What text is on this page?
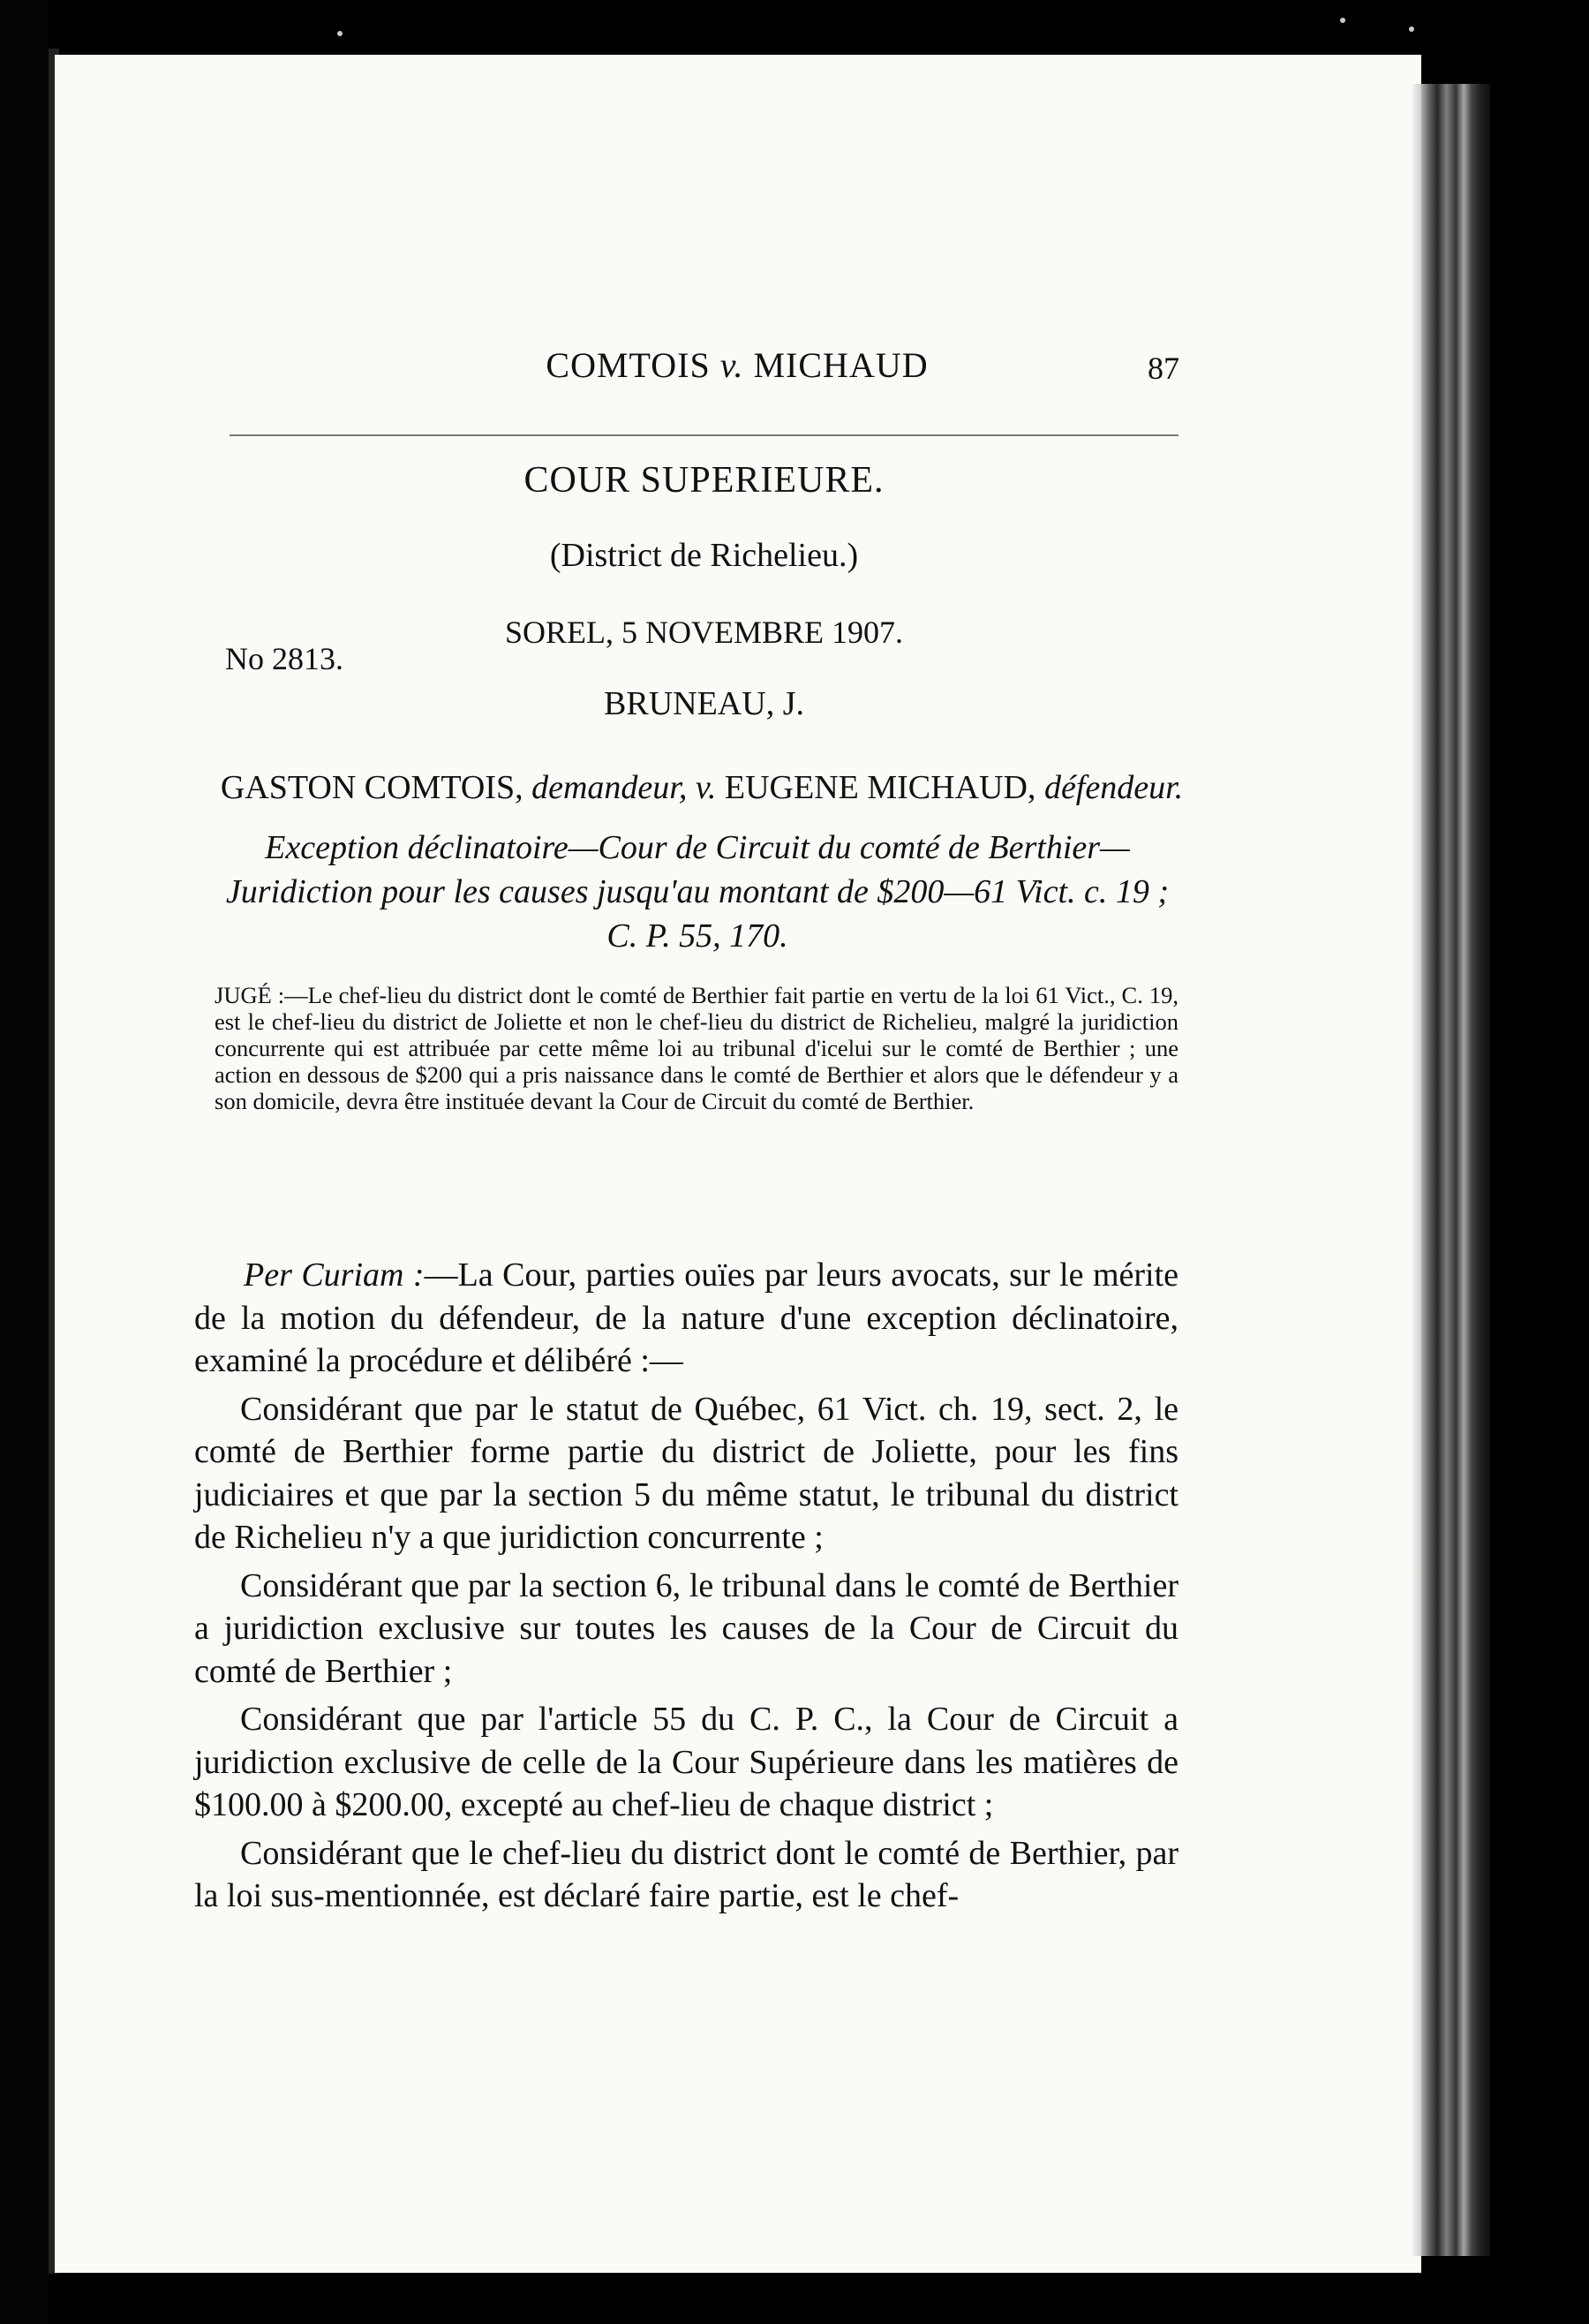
COMTOIS v. MICHAUD	87
COUR SUPERIEURE.
(District de Richelieu.)
SOREL, 5 NOVEMBRE 1907.
No 2813.
BRUNEAU, J.
GASTON COMTOIS, demandeur, v. EUGENE MICHAUD, défendeur.
Exception déclinatoire—Cour de Circuit du comté de Berthier—Juridiction pour les causes jusqu'au montant de $200—61 Vict. c. 19 ; C. P. 55, 170.
JUGÉ :—Le chef-lieu du district dont le comté de Berthier fait partie en vertu de la loi 61 Vict., C. 19, est le chef-lieu du district de Joliette et non le chef-lieu du district de Richelieu, malgré la juridiction concurrente qui est attribuée par cette même loi au tribunal d'icelui sur le comté de Berthier ; une action en dessous de $200 qui a pris naissance dans le comté de Berthier et alors que le défendeur y a son domicile, devra être instituée devant la Cour de Circuit du comté de Berthier.

Per Curiam :—La Cour, parties ouïes par leurs avocats, sur le mérite de la motion du défendeur, de la nature d'une exception déclinatoire, examiné la procédure et délibéré :—

Considérant que par le statut de Québec, 61 Vict. ch. 19, sect. 2, le comté de Berthier forme partie du district de Joliette, pour les fins judiciaires et que par la section 5 du même statut, le tribunal du district de Richelieu n'y a que juridiction concurrente ;

Considérant que par la section 6, le tribunal dans le comté de Berthier a juridiction exclusive sur toutes les causes de la Cour de Circuit du comté de Berthier ;

Considérant que par l'article 55 du C. P. C., la Cour de Circuit a juridiction exclusive de celle de la Cour Supérieure dans les matières de $100.00 à $200.00, excepté au chef-lieu de chaque district ;

Considérant que le chef-lieu du district dont le comté de Berthier, par la loi sus-mentionnée, est déclaré faire partie, est le chef-
